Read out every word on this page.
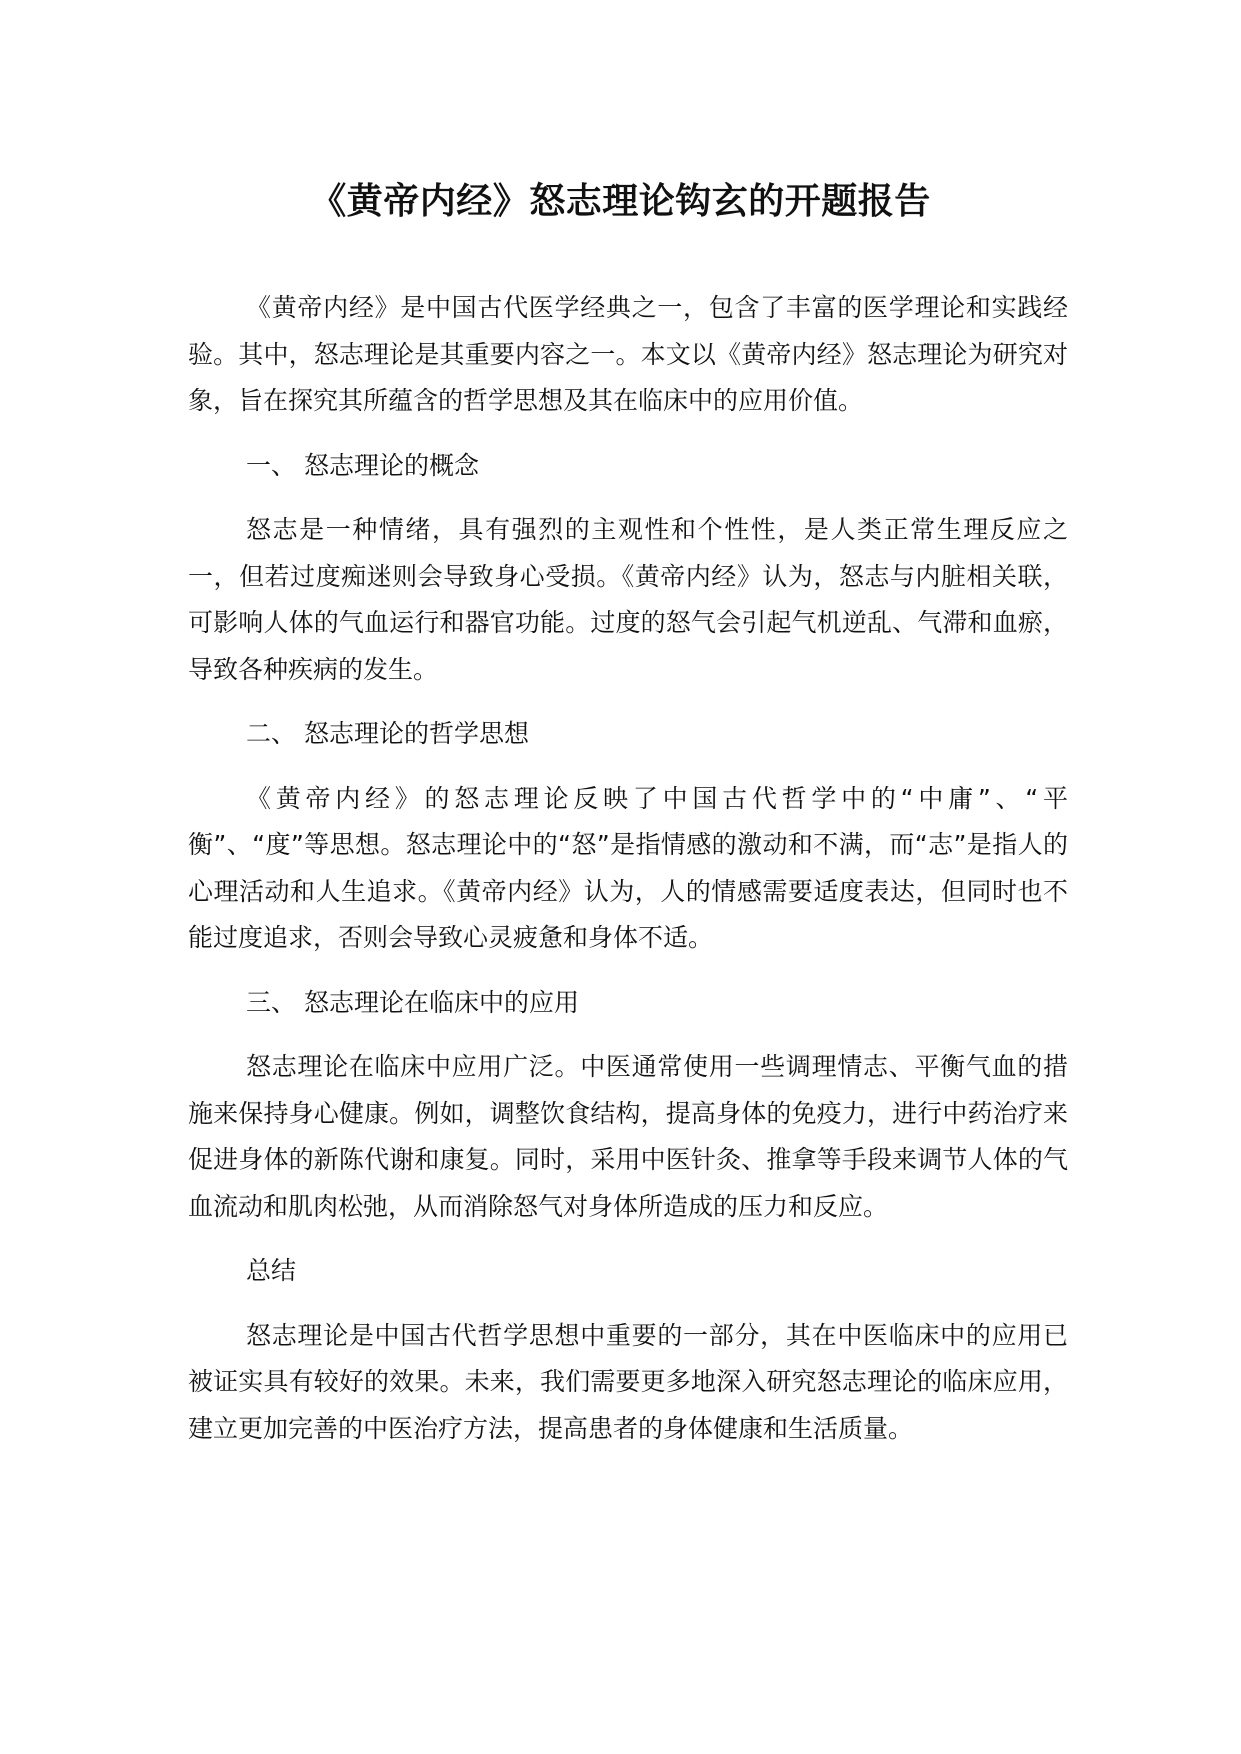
《黄帝内经》怒志理论钩玄的开题报告

《黄帝内经》是中国古代医学经典之一，包含了丰富的医学理论和实践经验。其中，怒志理论是其重要内容之一。本文以《黄帝内经》怒志理论为研究对象，旨在探究其所蕴含的哲学思想及其在临床中的应用价值。

一、 怒志理论的概念

怒志是一种情绪，具有强烈的主观性和个性性，是人类正常生理反应之一，但若过度痴迷则会导致身心受损。《黄帝内经》认为，怒志与内脏相关联，可影响人体的气血运行和器官功能。过度的怒气会引起气机逆乱、气滞和血瘀，导致各种疾病的发生。

二、 怒志理论的哲学思想

《黄帝内经》的怒志理论反映了中国古代哲学中的“中庸”、“平衡”、“度”等思想。怒志理论中的“怒”是指情感的激动和不满，而“志”是指人的心理活动和人生追求。《黄帝内经》认为，人的情感需要适度表达，但同时也不能过度追求，否则会导致心灵疲惫和身体不适。

三、 怒志理论在临床中的应用

怒志理论在临床中应用广泛。中医通常使用一些调理情志、平衡气血的措施来保持身心健康。例如，调整饮食结构，提高身体的免疫力，进行中药治疗来促进身体的新陈代谢和康复。同时，采用中医针灸、推拿等手段来调节人体的气血流动和肌肉松弛，从而消除怒气对身体所造成的压力和反应。

总结

怒志理论是中国古代哲学思想中重要的一部分，其在中医临床中的应用已被证实具有较好的效果。未来，我们需要更多地深入研究怒志理论的临床应用，建立更加完善的中医治疗方法，提高患者的身体健康和生活质量。
